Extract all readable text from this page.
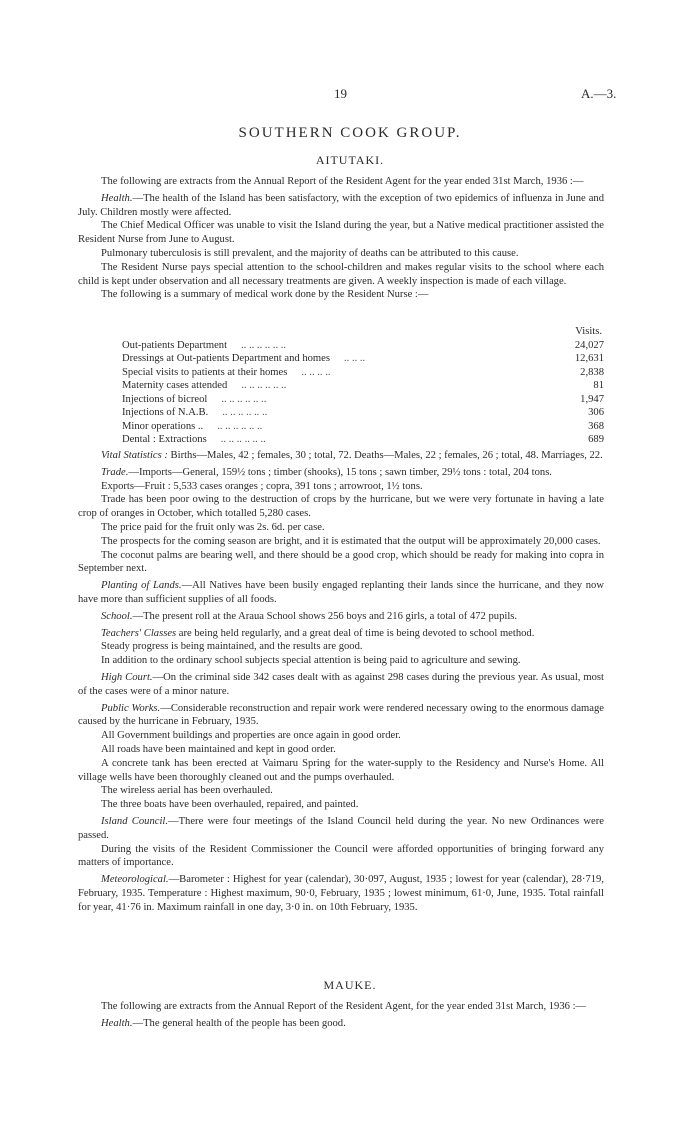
19	A.—3.
SOUTHERN COOK GROUP.
AITUTAKI.

The following are extracts from the Annual Report of the Resident Agent for the year ended 31st March, 1936 :—

Health.—The health of the Island has been satisfactory, with the exception of two epidemics of influenza in June and July. Children mostly were affected.

The Chief Medical Officer was unable to visit the Island during the year, but a Native medical practitioner assisted the Resident Nurse from June to August.

Pulmonary tuberculosis is still prevalent, and the majority of deaths can be attributed to this cause.

The Resident Nurse pays special attention to the school-children and makes regular visits to the school where each child is kept under observation and all necessary treatments are given. A weekly inspection is made of each village.

The following is a summary of medical work done by the Resident Nurse :—

Visits.
Out-patients Department .. .. .. .. .. ..	24,027
Dressings at Out-patients Department and homes .. .. ..	12,631
Special visits to patients at their homes .. .. .. ..	2,838
Maternity cases attended .. .. .. .. .. ..	81
Injections of bicreol .. .. .. .. .. ..	1,947
Injections of N.A.B. .. .. .. .. .. ..	306
Minor operations .. .. .. .. .. .. ..	368
Dental : Extractions .. .. .. .. .. ..	689

Vital Statistics : Births—Males, 42 ; females, 30 ; total, 72. Deaths—Males, 22 ; females, 26 ; total, 48. Marriages, 22.

Trade.—Imports—General, 159½ tons ; timber (shooks), 15 tons ; sawn timber, 29½ tons : total, 204 tons.

Exports—Fruit : 5,533 cases oranges ; copra, 391 tons ; arrowroot, 1½ tons.

Trade has been poor owing to the destruction of crops by the hurricane, but we were very fortunate in having a late crop of oranges in October, which totalled 5,280 cases.

The price paid for the fruit only was 2s. 6d. per case.

The prospects for the coming season are bright, and it is estimated that the output will be approximately 20,000 cases.

The coconut palms are bearing well, and there should be a good crop, which should be ready for making into copra in September next.

Planting of Lands.—All Natives have been busily engaged replanting their lands since the hurricane, and they now have more than sufficient supplies of all foods.

School.—The present roll at the Araua School shows 256 boys and 216 girls, a total of 472 pupils.

Teachers' Classes are being held regularly, and a great deal of time is being devoted to school method.

Steady progress is being maintained, and the results are good.

In addition to the ordinary school subjects special attention is being paid to agriculture and sewing.

High Court.—On the criminal side 342 cases dealt with as against 298 cases during the previous year. As usual, most of the cases were of a minor nature.

Public Works.—Considerable reconstruction and repair work were rendered necessary owing to the enormous damage caused by the hurricane in February, 1935.

All Government buildings and properties are once again in good order.

All roads have been maintained and kept in good order.

A concrete tank has been erected at Vaimaru Spring for the water-supply to the Residency and Nurse's Home. All village wells have been thoroughly cleaned out and the pumps overhauled.

The wireless aerial has been overhauled.

The three boats have been overhauled, repaired, and painted.

Island Council.—There were four meetings of the Island Council held during the year. No new Ordinances were passed.

During the visits of the Resident Commissioner the Council were afforded opportunities of bringing forward any matters of importance.

Meteorological.—Barometer : Highest for year (calendar), 30·097, August, 1935 ; lowest for year (calendar), 28·719, February, 1935. Temperature : Highest maximum, 90·0, February, 1935 ; lowest minimum, 61·0, June, 1935. Total rainfall for year, 41·76 in. Maximum rainfall in one day, 3·0 in. on 10th February, 1935.

MAUKE.

The following are extracts from the Annual Report of the Resident Agent, for the year ended 31st March, 1936 :—

Health.—The general health of the people has been good.
